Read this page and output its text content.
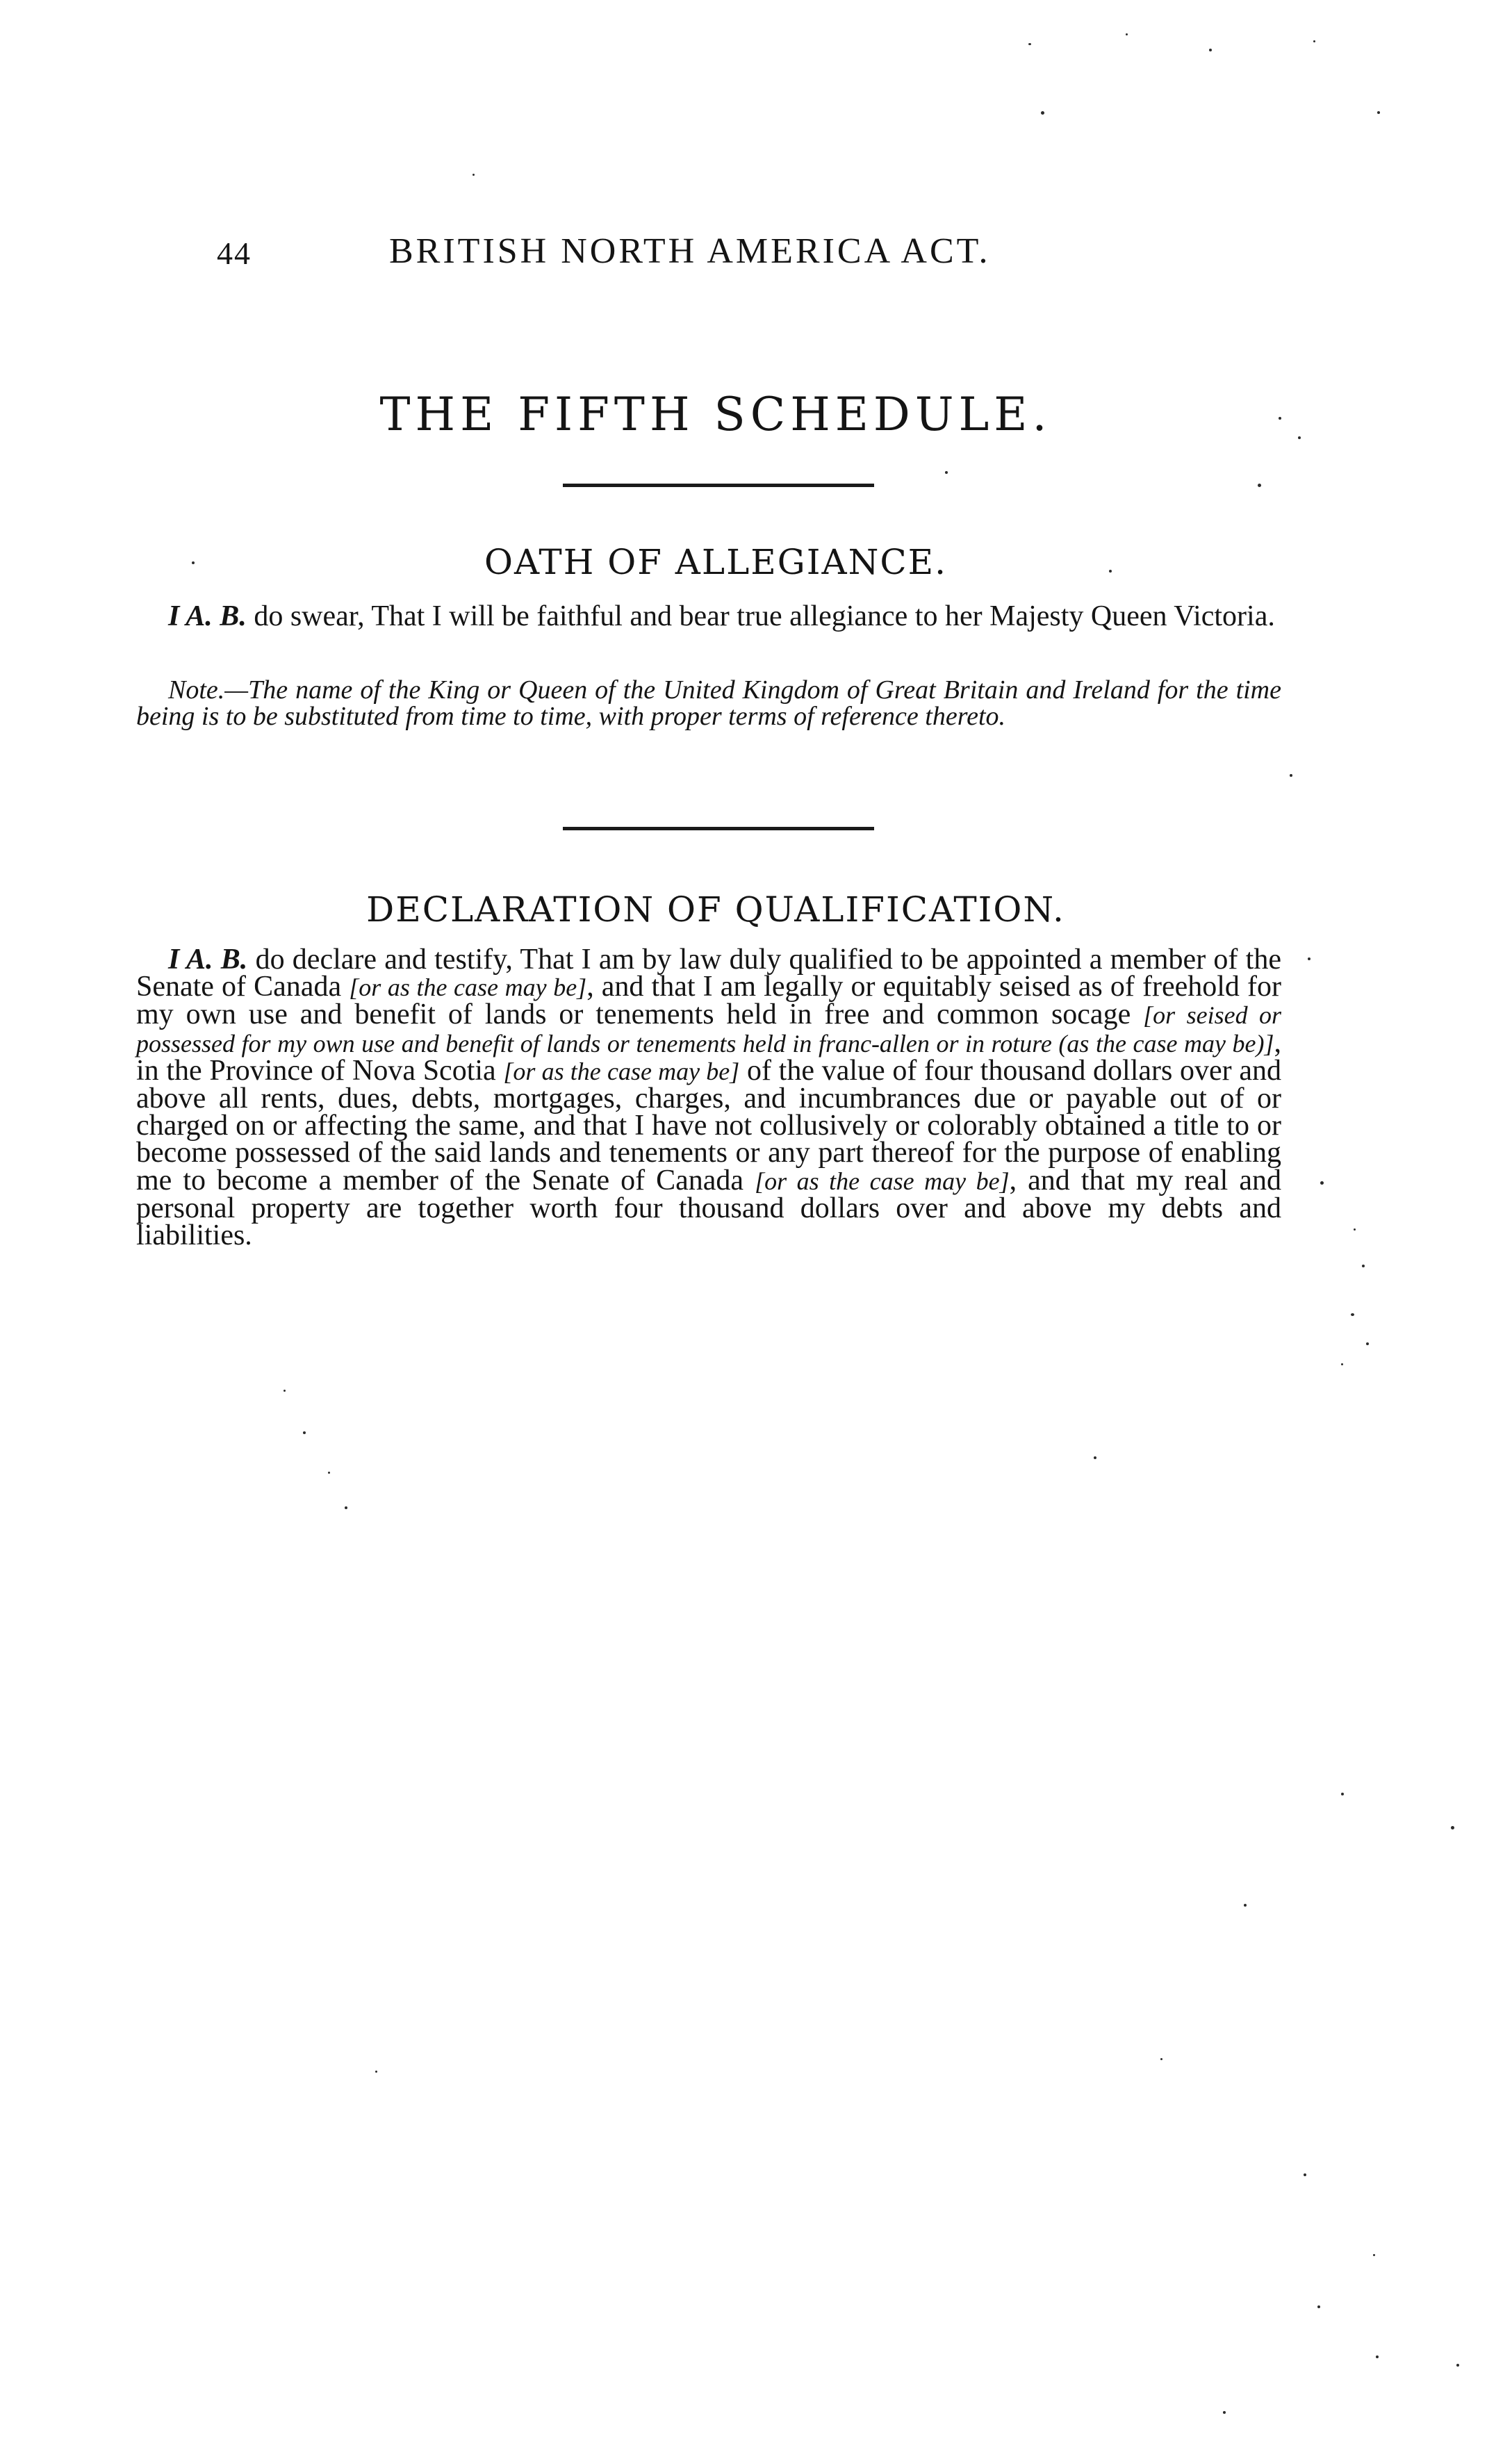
44	BRITISH NORTH AMERICA ACT.
THE FIFTH SCHEDULE.
OATH OF ALLEGIANCE.
I A. B. do swear, That I will be faithful and bear true allegiance to her Majesty Queen Victoria.
Note.—The name of the King or Queen of the United Kingdom of Great Britain and Ireland for the time being is to be substituted from time to time, with proper terms of reference thereto.
DECLARATION OF QUALIFICATION.
I A. B. do declare and testify, That I am by law duly qualified to be appointed a member of the Senate of Canada [or as the case may be], and that I am legally or equitably seised as of freehold for my own use and benefit of lands or tenements held in free and common socage [or seised or possessed for my own use and benefit of lands or tenements held in franc-allen or in roture (as the case may be)], in the Province of Nova Scotia [or as the case may be] of the value of four thousand dollars over and above all rents, dues, debts, mortgages, charges, and incumbrances due or payable out of or charged on or affecting the same, and that I have not collusively or colorably obtained a title to or become possessed of the said lands and tenements or any part thereof for the purpose of enabling me to become a member of the Senate of Canada [or as the case may be], and that my real and personal property are together worth four thousand dollars over and above my debts and liabilities.
